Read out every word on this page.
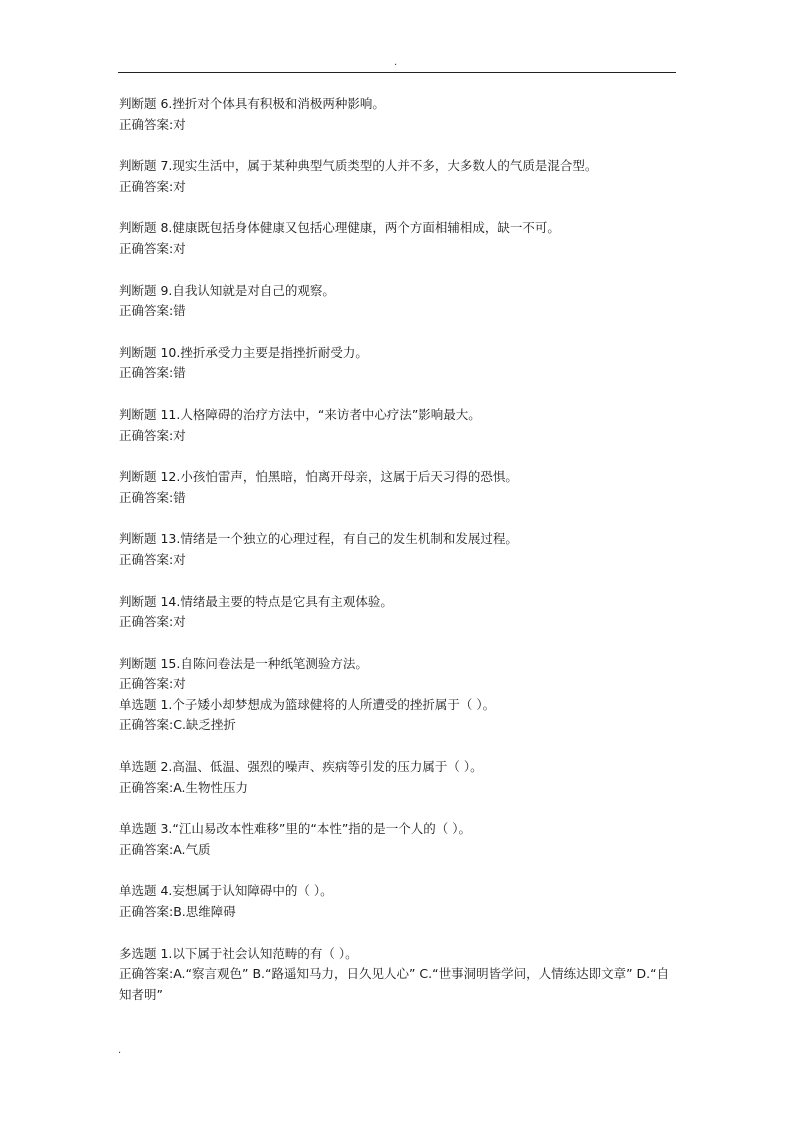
.
判断题 6.挫折对个体具有积极和消极两种影响。
正确答案:对
判断题 7.现实生活中，属于某种典型气质类型的人并不多，大多数人的气质是混合型。
正确答案:对
判断题 8.健康既包括身体健康又包括心理健康，两个方面相辅相成，缺一不可。
正确答案:对
判断题 9.自我认知就是对自己的观察。
正确答案:错
判断题 10.挫折承受力主要是指挫折耐受力。
正确答案:错
判断题 11.人格障碍的治疗方法中，“来访者中心疗法”影响最大。
正确答案:对
判断题 12.小孩怕雷声，怕黑暗，怕离开母亲，这属于后天习得的恐惧。
正确答案:错
判断题 13.情绪是一个独立的心理过程，有自己的发生机制和发展过程。
正确答案:对
判断题 14.情绪最主要的特点是它具有主观体验。
正确答案:对
判断题 15.自陈问卷法是一种纸笔测验方法。
正确答案:对
单选题 1.个子矮小却梦想成为篮球健将的人所遭受的挫折属于（ ）。
正确答案:C.缺乏挫折
单选题 2.高温、低温、强烈的噪声、疾病等引发的压力属于（ ）。
正确答案:A.生物性压力
单选题 3.“江山易改本性难移”里的“本性”指的是一个人的（ ）。
正确答案:A.气质
单选题 4.妄想属于认知障碍中的（ ）。
正确答案:B.思维障碍
多选题 1.以下属于社会认知范畴的有（ ）。
正确答案:A.“察言观色” B.“路遥知马力，日久见人心” C.“世事洞明皆学问，人情练达即文章” D.“自知者明”
.
